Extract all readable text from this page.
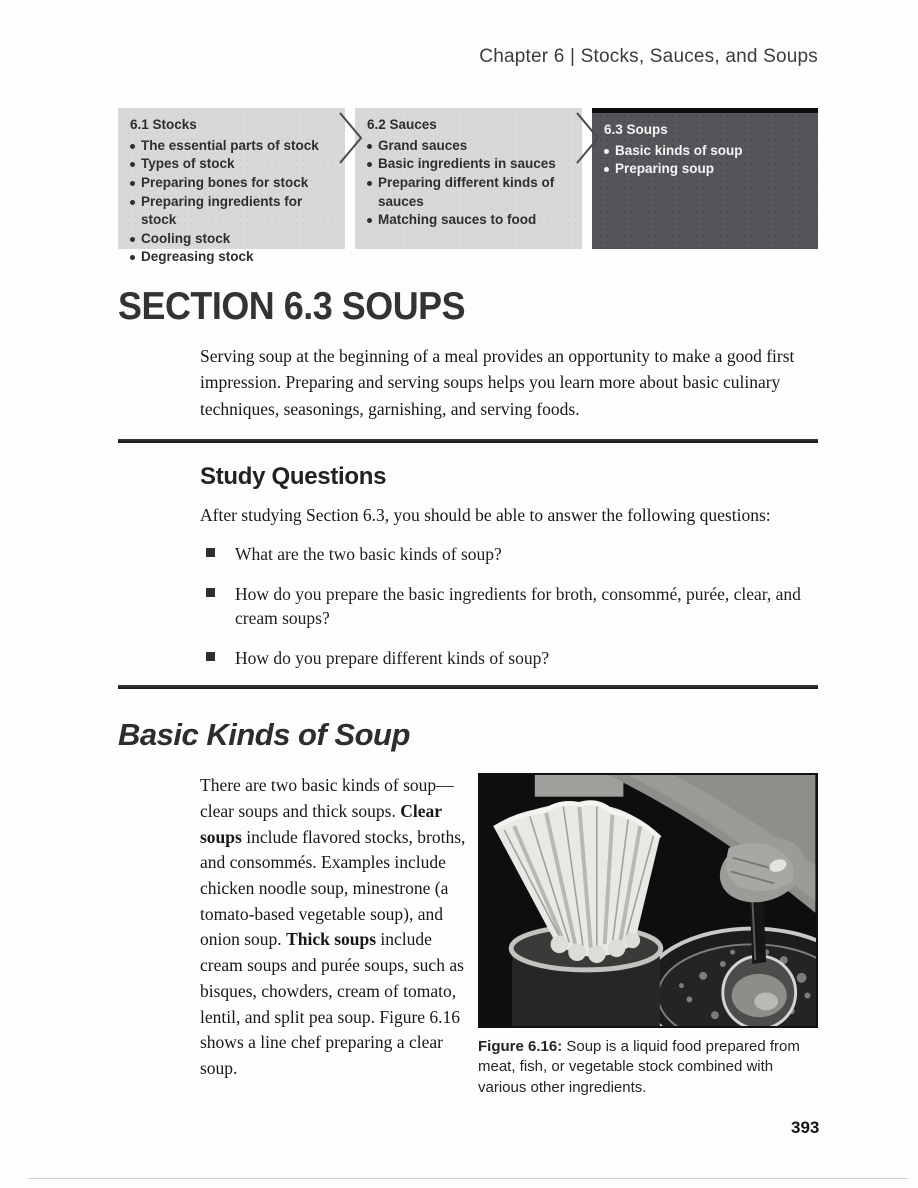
Chapter 6 | Stocks, Sauces, and Soups
6.1 Stocks
The essential parts of stock
Types of stock
Preparing bones for stock
Preparing ingredients for stock
Cooling stock
Degreasing stock
6.2 Sauces
Grand sauces
Basic ingredients in sauces
Preparing different kinds of sauces
Matching sauces to food
6.3 Soups
Basic kinds of soup
Preparing soup
SECTION 6.3 SOUPS

Serving soup at the beginning of a meal provides an opportunity to make a good first impression. Preparing and serving soups helps you learn more about basic culinary techniques, seasonings, garnishing, and serving foods.

Study Questions

After studying Section 6.3, you should be able to answer the following questions:

What are the two basic kinds of soup?
How do you prepare the basic ingredients for broth, consommé, purée, clear, and cream soups?
How do you prepare different kinds of soup?
Basic Kinds of Soup

There are two basic kinds of soup—clear soups and thick soups. Clear soups include flavored stocks, broths, and consommés. Examples include chicken noodle soup, minestrone (a tomato-based vegetable soup), and onion soup. Thick soups include cream soups and purée soups, such as bisques, chowders, cream of tomato, lentil, and split pea soup. Figure 6.16 shows a line chef preparing a clear soup.

Figure 6.16: Soup is a liquid food prepared from meat, fish, or vegetable stock combined with various other ingredients.
393
